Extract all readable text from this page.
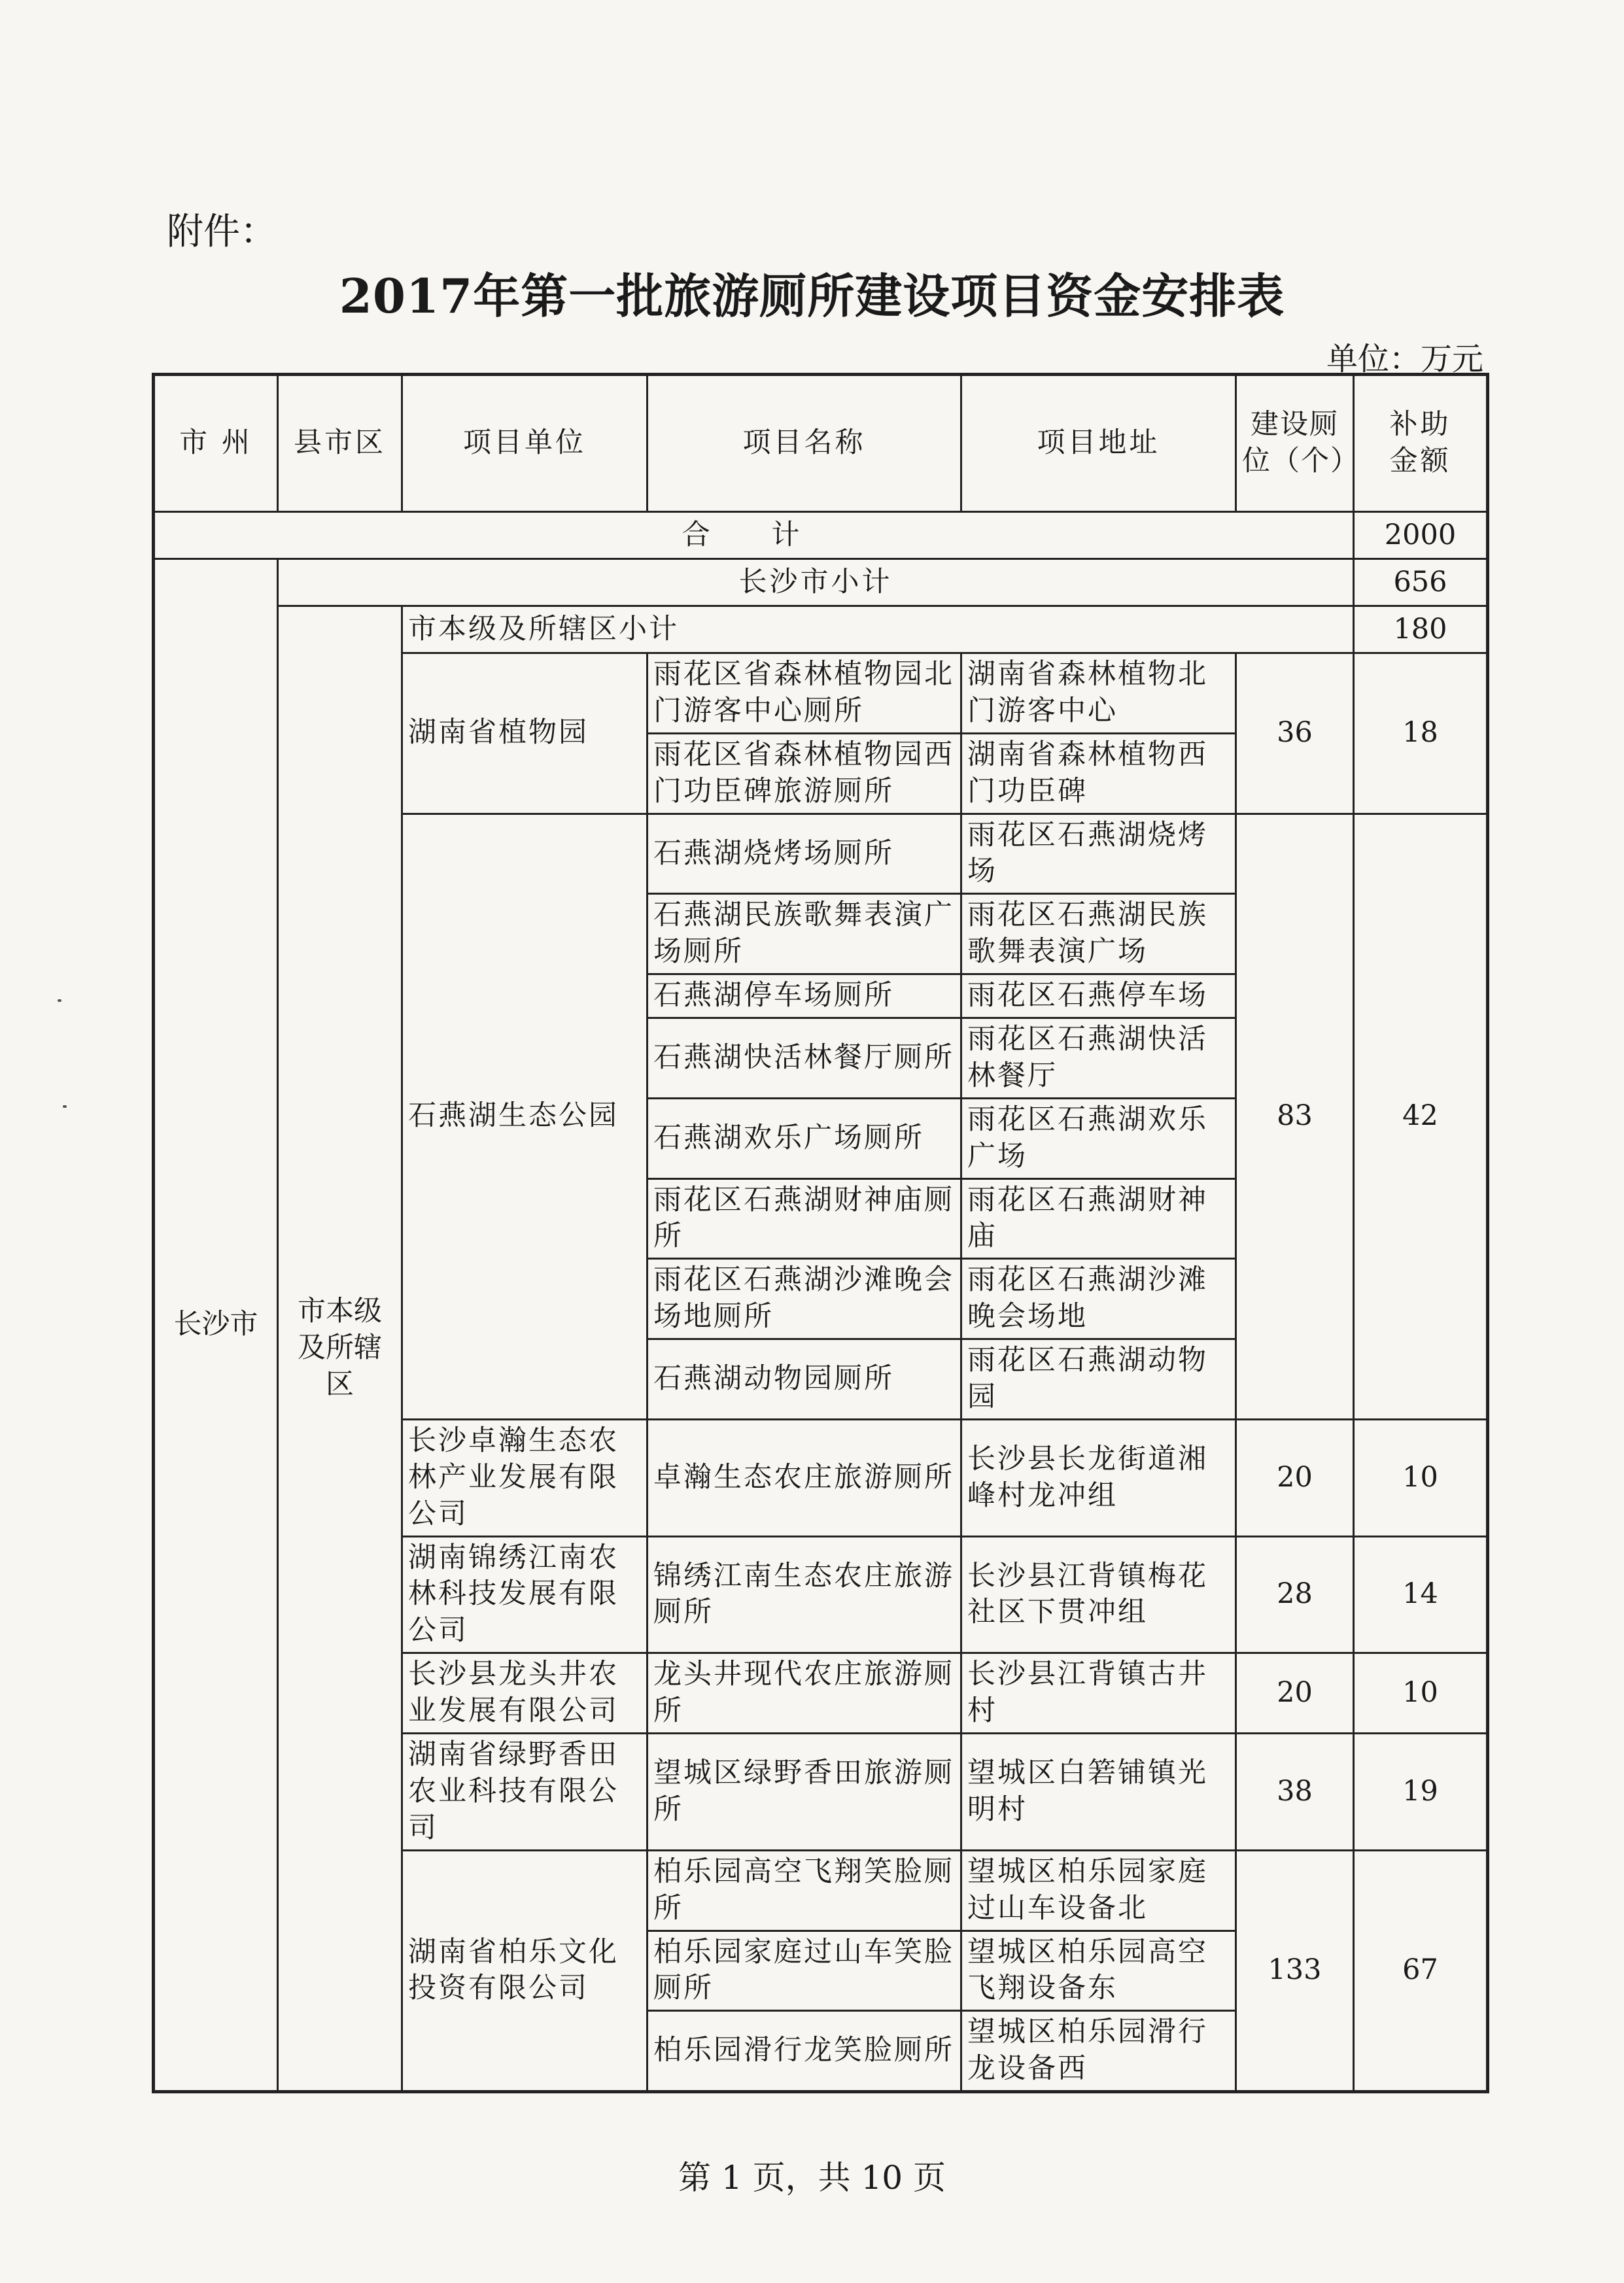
附件：
2017年第一批旅游厕所建设项目资金安排表
单位：万元
市 州	县市区	项目单位	项目名称	项目地址	建设厕位（个）	补助金额
合 计						2000
长沙市	长沙市小计					656
	市本级及所辖区	市本级及所辖区小计				180
		湖南省植物园	雨花区省森林植物园北门游客中心厕所	湖南省森林植物北门游客中心	36	18
			雨花区省森林植物园西门功臣碑旅游厕所	湖南省森林植物西门功臣碑		
		石燕湖生态公园	石燕湖烧烤场厕所	雨花区石燕湖烧烤场	83	42
			石燕湖民族歌舞表演广场厕所	雨花区石燕湖民族歌舞表演广场		
			石燕湖停车场厕所	雨花区石燕停车场		
			石燕湖快活林餐厅厕所	雨花区石燕湖快活林餐厅		
			石燕湖欢乐广场厕所	雨花区石燕湖欢乐广场		
			雨花区石燕湖财神庙厕所	雨花区石燕湖财神庙		
			雨花区石燕湖沙滩晚会场地厕所	雨花区石燕湖沙滩晚会场地		
			石燕湖动物园厕所	雨花区石燕湖动物园		
		长沙卓瀚生态农林产业发展有限公司	卓瀚生态农庄旅游厕所	长沙县长龙街道湘峰村龙冲组	20	10
		湖南锦绣江南农林科技发展有限公司	锦绣江南生态农庄旅游厕所	长沙县江背镇梅花社区下贯冲组	28	14
		长沙县龙头井农业发展有限公司	龙头井现代农庄旅游厕所	长沙县江背镇古井村	20	10
		湖南省绿野香田农业科技有限公司	望城区绿野香田旅游厕所	望城区白箬铺镇光明村	38	19
		湖南省柏乐文化投资有限公司	柏乐园高空飞翔笑脸厕所	望城区柏乐园家庭过山车设备北	133	67
			柏乐园家庭过山车笑脸厕所	望城区柏乐园高空飞翔设备东		
			柏乐园滑行龙笑脸厕所	望城区柏乐园滑行龙设备西		
第 1 页，共 10 页
